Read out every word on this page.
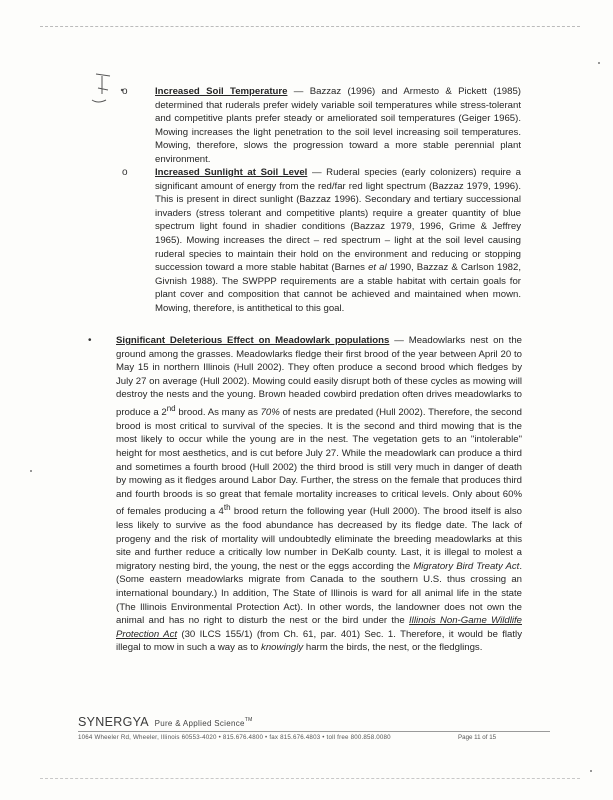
o	Increased Soil Temperature — Bazzaz (1996) and Armesto & Pickett (1985) determined that ruderals prefer widely variable soil temperatures while stress-tolerant and competitive plants prefer steady or ameliorated soil temperatures (Geiger 1965). Mowing increases the light penetration to the soil level increasing soil temperatures. Mowing, therefore, slows the progression toward a more stable perennial plant environment.

o	Increased Sunlight at Soil Level — Ruderal species (early colonizers) require a significant amount of energy from the red/far red light spectrum (Bazzaz 1979, 1996). This is present in direct sunlight (Bazzaz 1996). Secondary and tertiary successional invaders (stress tolerant and competitive plants) require a greater quantity of blue spectrum light found in shadier conditions (Bazzaz 1979, 1996, Grime & Jeffrey 1965). Mowing increases the direct – red spectrum – light at the soil level causing ruderal species to maintain their hold on the environment and reducing or stopping succession toward a more stable habitat (Barnes et al 1990, Bazzaz & Carlson 1982, Givnish 1988). The SWPPP requirements are a stable habitat with certain goals for plant cover and composition that cannot be achieved and maintained when mown. Mowing, therefore, is antithetical to this goal.

•	Significant Deleterious Effect on Meadowlark populations — Meadowlarks nest on the ground among the grasses. Meadowlarks fledge their first brood of the year between April 20 to May 15 in northern Illinois (Hull 2002). They often produce a second brood which fledges by July 27 on average (Hull 2002). Mowing could easily disrupt both of these cycles as mowing will destroy the nests and the young. Brown headed cowbird predation often drives meadowlarks to produce a 2nd brood. As many as 70% of nests are predated (Hull 2002). Therefore, the second brood is most critical to survival of the species. It is the second and third mowing that is the most likely to occur while the young are in the nest. The vegetation gets to an "intolerable" height for most aesthetics, and is cut before July 27. While the meadowlark can produce a third and sometimes a fourth brood (Hull 2002) the third brood is still very much in danger of death by mowing as it fledges around Labor Day. Further, the stress on the female that produces third and fourth broods is so great that female mortality increases to critical levels. Only about 60% of females producing a 4th brood return the following year (Hull 2000). The brood itself is also less likely to survive as the food abundance has decreased by its fledge date. The lack of progeny and the risk of mortality will undoubtedly eliminate the breeding meadowlarks at this site and further reduce a critically low number in DeKalb county. Last, it is illegal to molest a migratory nesting bird, the young, the nest or the eggs according the Migratory Bird Treaty Act. (Some eastern meadowlarks migrate from Canada to the southern U.S. thus crossing an international boundary.) In addition, The State of Illinois is ward for all animal life in the state (The Illinois Environmental Protection Act). In other words, the landowner does not own the animal and has no right to disturb the nest or the bird under the Illinois Non-Game Wildlife Protection Act (30 ILCS 155/1) (from Ch. 61, par. 401) Sec. 1. Therefore, it would be flatly illegal to mow in such a way as to knowingly harm the birds, the nest, or the fledglings.

SYNERGYA Pure & Applied Science™
1064 Wheeler Rd, Wheeler, Illinois 60553-4020 • 815.676.4800 • fax 815.676.4803 • toll free 800.858.0080	Page 11 of 15
